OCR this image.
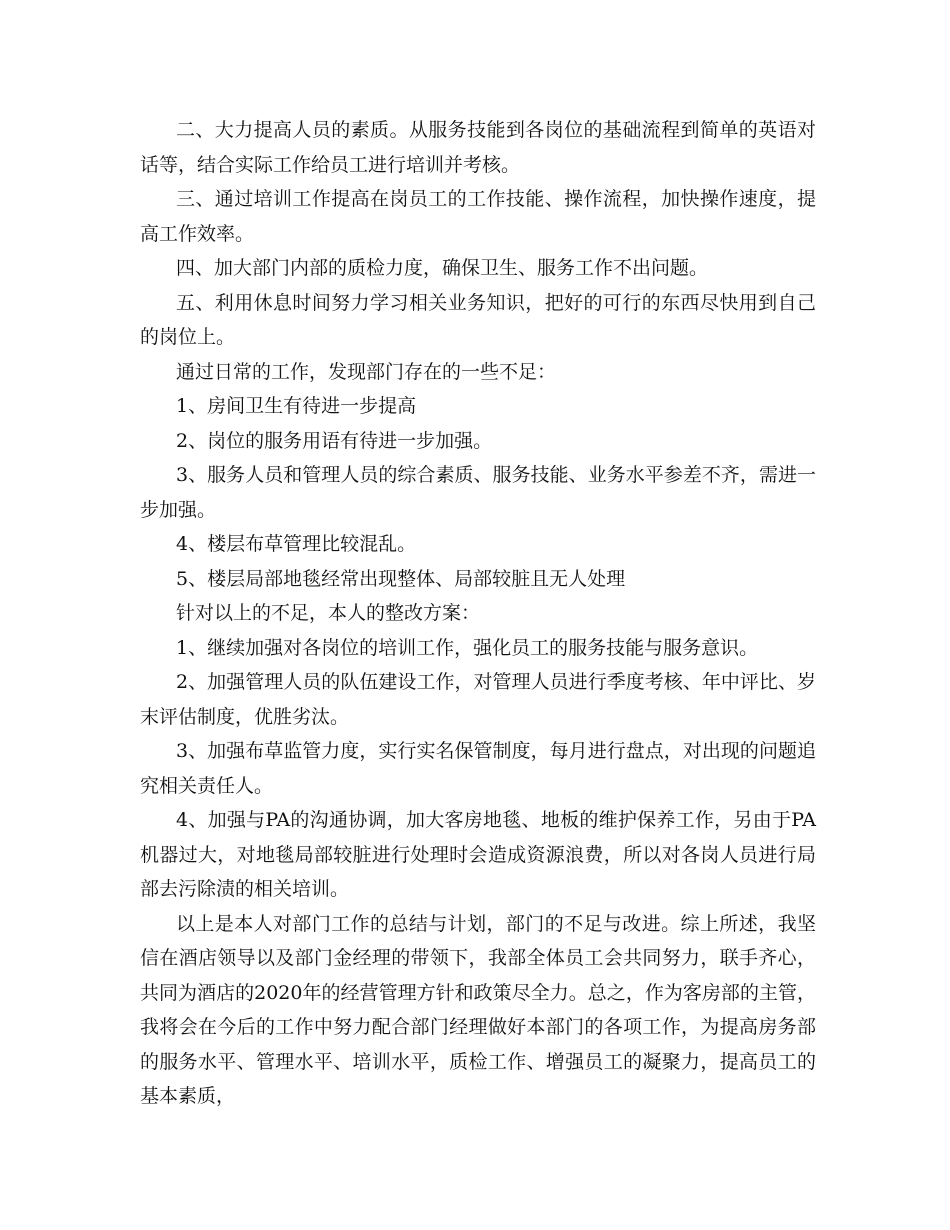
二、大力提高人员的素质。从服务技能到各岗位的基础流程到简单的英语对话等，结合实际工作给员工进行培训并考核。

三、通过培训工作提高在岗员工的工作技能、操作流程，加快操作速度，提高工作效率。

四、加大部门内部的质检力度，确保卫生、服务工作不出问题。

五、利用休息时间努力学习相关业务知识，把好的可行的东西尽快用到自己的岗位上。

通过日常的工作，发现部门存在的一些不足：

1、房间卫生有待进一步提高

2、岗位的服务用语有待进一步加强。

3、服务人员和管理人员的综合素质、服务技能、业务水平参差不齐，需进一步加强。

4、楼层布草管理比较混乱。

5、楼层局部地毯经常出现整体、局部较脏且无人处理

针对以上的不足，本人的整改方案：

1、继续加强对各岗位的培训工作，强化员工的服务技能与服务意识。

2、加强管理人员的队伍建设工作，对管理人员进行季度考核、年中评比、岁末评估制度，优胜劣汰。

3、加强布草监管力度，实行实名保管制度，每月进行盘点，对出现的问题追究相关责任人。

4、加强与PA的沟通协调，加大客房地毯、地板的维护保养工作，另由于PA机器过大，对地毯局部较脏进行处理时会造成资源浪费，所以对各岗人员进行局部去污除渍的相关培训。

以上是本人对部门工作的总结与计划，部门的不足与改进。综上所述，我坚信在酒店领导以及部门金经理的带领下，我部全体员工会共同努力，联手齐心，共同为酒店的2020年的经营管理方针和政策尽全力。总之，作为客房部的主管，我将会在今后的工作中努力配合部门经理做好本部门的各项工作，为提高房务部的服务水平、管理水平、培训水平，质检工作、增强员工的凝聚力，提高员工的基本素质，
